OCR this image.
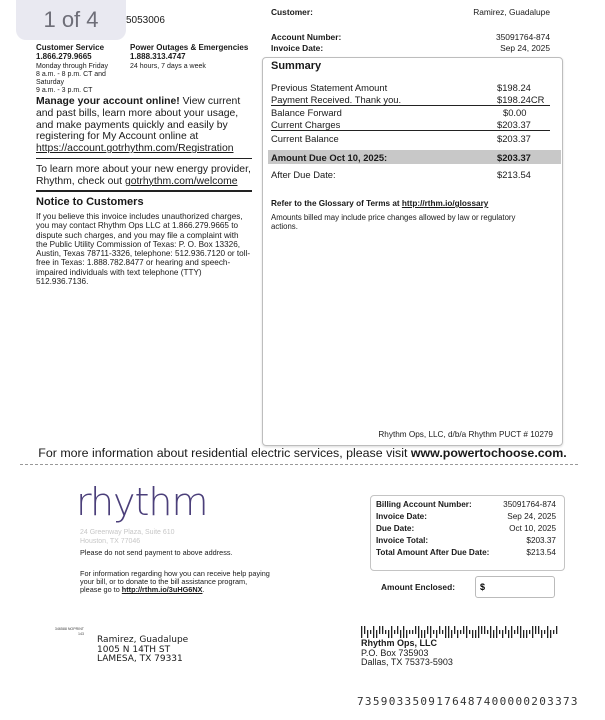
1 of 4	5053006
Customer Service
1.866.279.9665
Monday through Friday
8 a.m. - 8 p.m. CT and
Saturday
9 a.m. - 3 p.m. CT
Power Outages & Emergencies
1.888.313.4747
24 hours, 7 days a week
Manage your account online! View current and past bills, learn more about your usage, and make payments quickly and easily by registering for My Account online at https://account.gotrhythm.com/Registration
To learn more about your new energy provider, Rhythm, check out gotrhythm.com/welcome
Notice to Customers
If you believe this invoice includes unauthorized charges, you may contact Rhythm Ops LLC at 1.866.279.9665 to dispute such charges, and you may file a complaint with the Public Utility Commission of Texas: P. O. Box 13326, Austin, Texas 78711-3326, telephone: 512.936.7120 or toll-free in Texas: 1.888.782.8477 or hearing and speech-impaired individuals with text telephone (TTY) 512.936.7136.
Customer:	Ramirez, Guadalupe
Account Number:	35091764-874
Invoice Date:	Sep 24, 2025
Summary
Previous Statement Amount	$198.24
Payment Received. Thank you.	$198.24CR
Balance Forward	$0.00
Current Charges	$203.37
Current Balance	$203.37
Amount Due Oct 10, 2025:	$203.37
After Due Date:	$213.54
Refer to the Glossary of Terms at http://rthm.io/glossary
Amounts billed may include price changes allowed by law or regulatory actions.
Rhythm Ops, LLC, d/b/a Rhythm PUCT # 10279
For more information about residential electric services, please visit www.powertochoose.com.
rhythm
24 Greenway Plaza, Suite 610
Houston, TX 77046
Please do not send payment to above address.
For information regarding how you can receive help paying your bill, or to donate to the bill assistance program, please go to http://rthm.io/3uHG6NX.
Billing Account Number:	35091764-874
Invoice Date:	Sep 24, 2025
Due Date:	Oct 10, 2025
Invoice Total:	$203.37
Total Amount After Due Date:	$213.54
Amount Enclosed:
$
346588 NOPRINT
143
Ramirez, Guadalupe
1005 N 14TH ST
LAMESA, TX 79331
Rhythm Ops, LLC
P.O. Box 735903
Dallas, TX 75373-5903
7359033509176487400000203373
